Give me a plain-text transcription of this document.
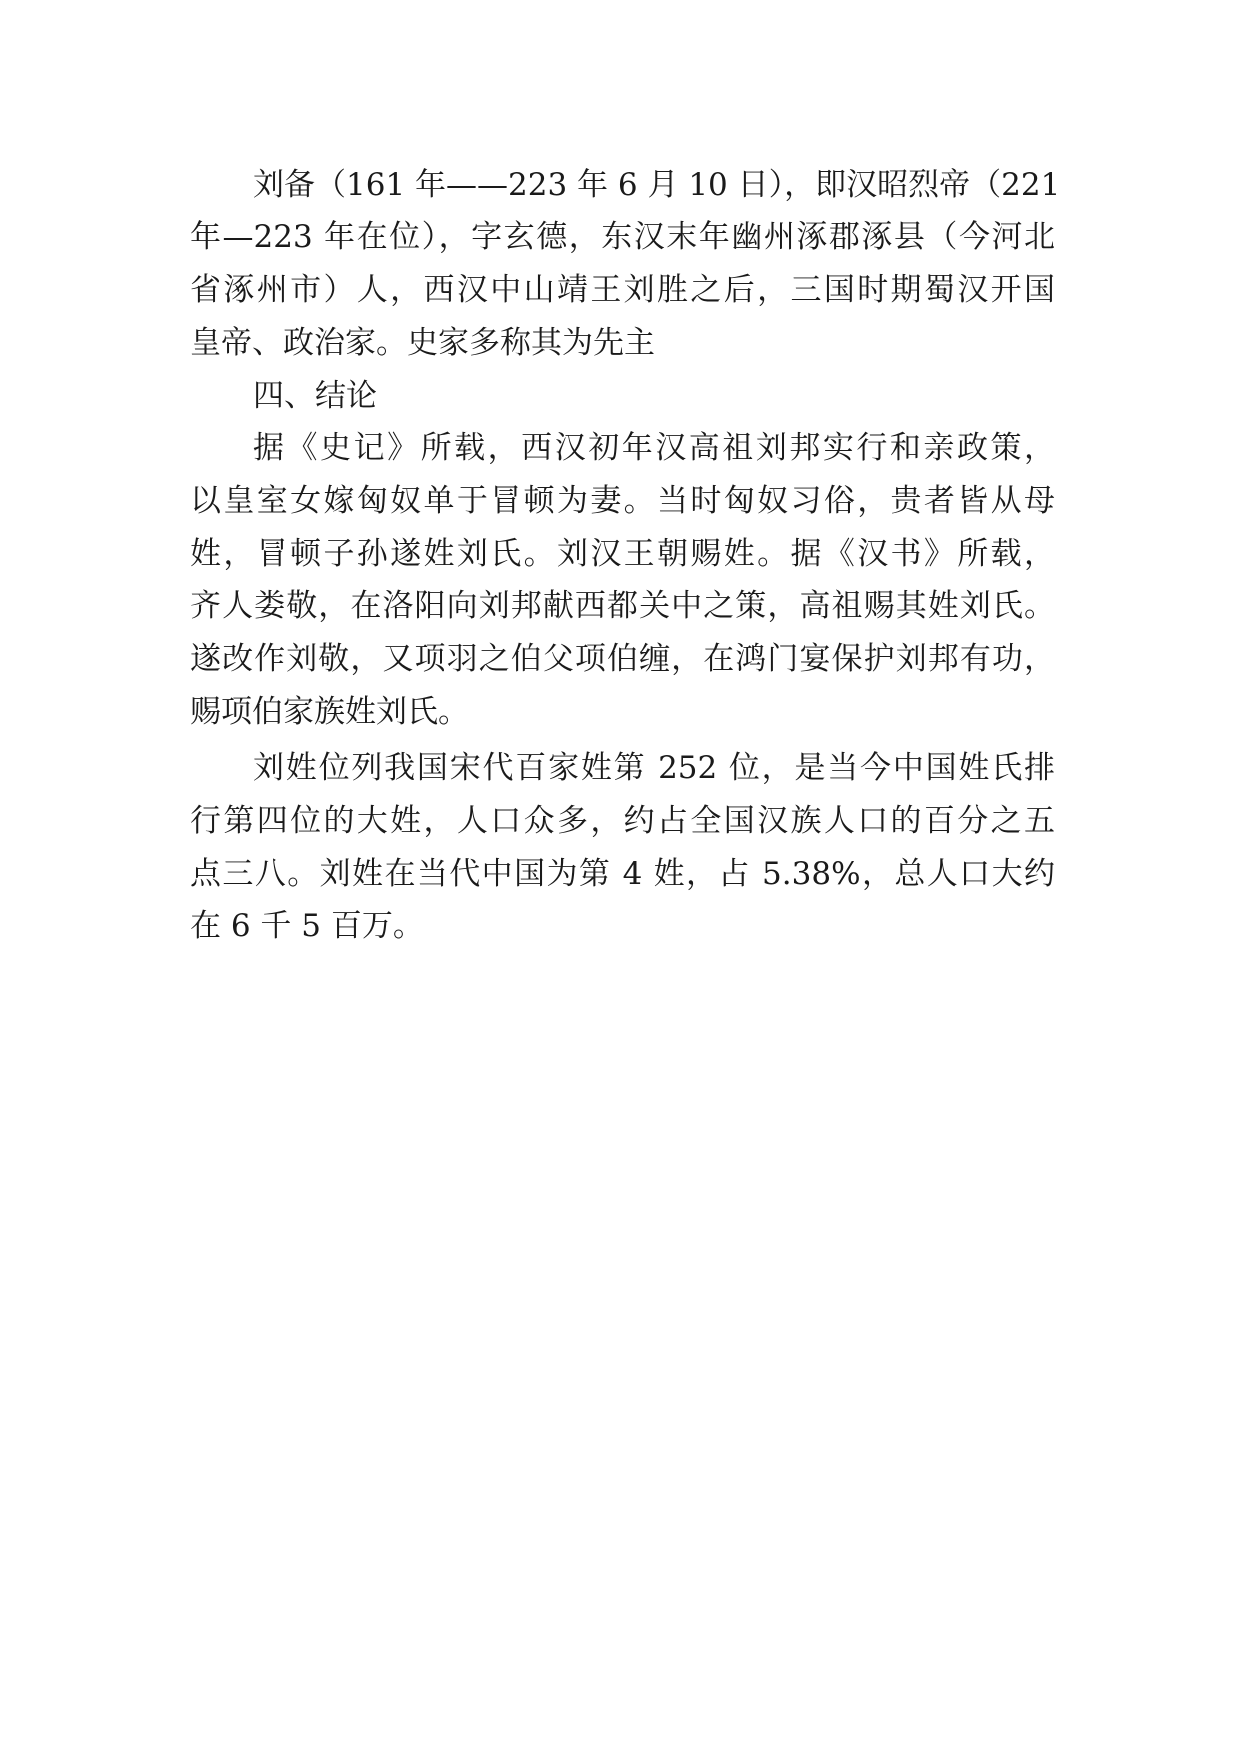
刘备（161 年——223 年 6 月 10 日），即汉昭烈帝（221
年—223 年在位），字玄德，东汉末年幽州涿郡涿县（今河北
省涿州市）人，西汉中山靖王刘胜之后，三国时期蜀汉开国
皇帝、政治家。史家多称其为先主
四、结论
据《史记》所载，西汉初年汉高祖刘邦实行和亲政策，
以皇室女嫁匈奴单于冒顿为妻。当时匈奴习俗，贵者皆从母
姓，冒顿子孙遂姓刘氏。刘汉王朝赐姓。据《汉书》所载，
齐人娄敬，在洛阳向刘邦献西都关中之策，高祖赐其姓刘氏。
遂改作刘敬，又项羽之伯父项伯缠，在鸿门宴保护刘邦有功，
赐项伯家族姓刘氏。
刘姓位列我国宋代百家姓第 252 位，是当今中国姓氏排
行第四位的大姓，人口众多，约占全国汉族人口的百分之五
点三八。刘姓在当代中国为第 4 姓，占 5.38%，总人口大约
在 6 千 5 百万。
